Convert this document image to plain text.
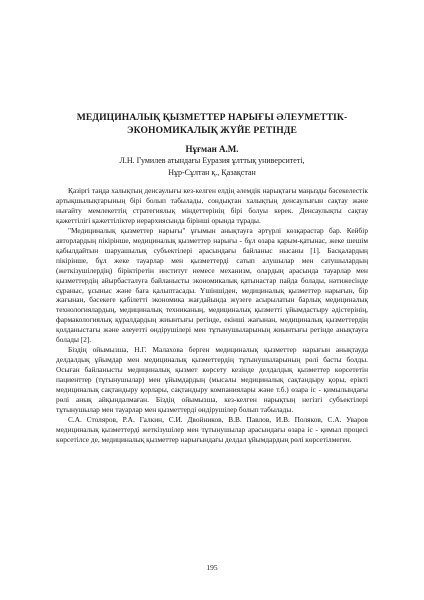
МЕДИЦИНАЛЫҚ ҚЫЗМЕТТЕР НАРЫҒЫ ӘЛЕУМЕТТІК-
ЭКОНОМИКАЛЫҚ ЖҮЙЕ РЕТІНДЕ
Нұғман А.М.
Л.Н. Гумилев атындағы Еуразия ұлттық университеті,
Нұр-Сұлтан қ., Қазақстан

Қазіргі таңда халықтың денсаулығы кез-келген елдің әлемдік нарықтағы маңызды бәсекелестік артықшылықтарының бірі болып табылады, сондықтан халықтың денсаулығын сақтау және нығайту мемлекеттің стратегиялық міндеттерінің бірі болуы керек. Денсаулықты сақтау қажеттілігі қажеттіліктер иерархиясында бірінші орында тұрады.

"Медициналық қызметтер нарығы" ұғымын анықтауға әртүрлі көзқарастар бар. Кейбір авторлардың пікірінше, медициналық қызметтер нарығы - бұл өзара қарым-қатынас, жеке шешім қабылдайтын шаруашылық субъектілері арасындағы байланыс нысаны [1]. Басқалардың пікірінше, бұл жеке тауарлар мен қызметтерді сатып алушылар мен сатушылардың (жеткізушілердің) біріктіретін институт немесе механизм, олардың арасында тауарлар мен қызметтердің айырбасталуға байланысты экономикалық қатынастар пайда болады, нәтижесінде сұраныс, ұсыныс және баға қалыптасады. Үшіншіден, медициналық қызметтер нарығын, бір жағынан, бәсекеге қабілетті экономика жағдайында жүзеге асырылатын барлық медициналық технологиялардың, медициналық техниканың, медициналық қызметті ұйымдастыру әдістерінің, фармакологиялық құралдардың жиынтығы ретінде, екінші жағынан, медициналық қызметтердің қолданыстағы және әлеуетті өндірушілері мен тұтынушыларының жиынтығы ретінде анықтауға болады [2].

Біздің ойымызша, Н.Г. Малахова берген медициналық қызметтер нарығын анықтауда делдалдық ұйымдар мен медициналық қызметтердің тұтынушыларының рөлі басты болды. Осыған байланысты медициналық қызмет көрсету кезінде делдалдық қызметтер көрсететін пациенттер (тұтынушылар) мен ұйымдардың (мысалы медициналық сақтандыру қоры, ерікті медициналық сақтандыру қорлары, сақтандыру компаниялары және т.б.) өзара іс - қимылындағы рөлі анық айқындалмаған. Біздің ойымызша, кез-келген нарықтың негізгі субъектілері тұтынушылар мен тауарлар мен қызметтерді өндірушілер болып табылады.

С.А. Столяров, Р.А. Галкин, С.И. Двойников, В.В. Павлов, И.В. Поляков, С.А. Уваров медициналық қызметтерді жеткізушілер мен тұтынушылар арасындағы өзара іс - қимыл процесі көрсетілсе де, медициналық қызметтер нарығындағы делдал ұйымдардың рөлі көрсетілмеген.

195
